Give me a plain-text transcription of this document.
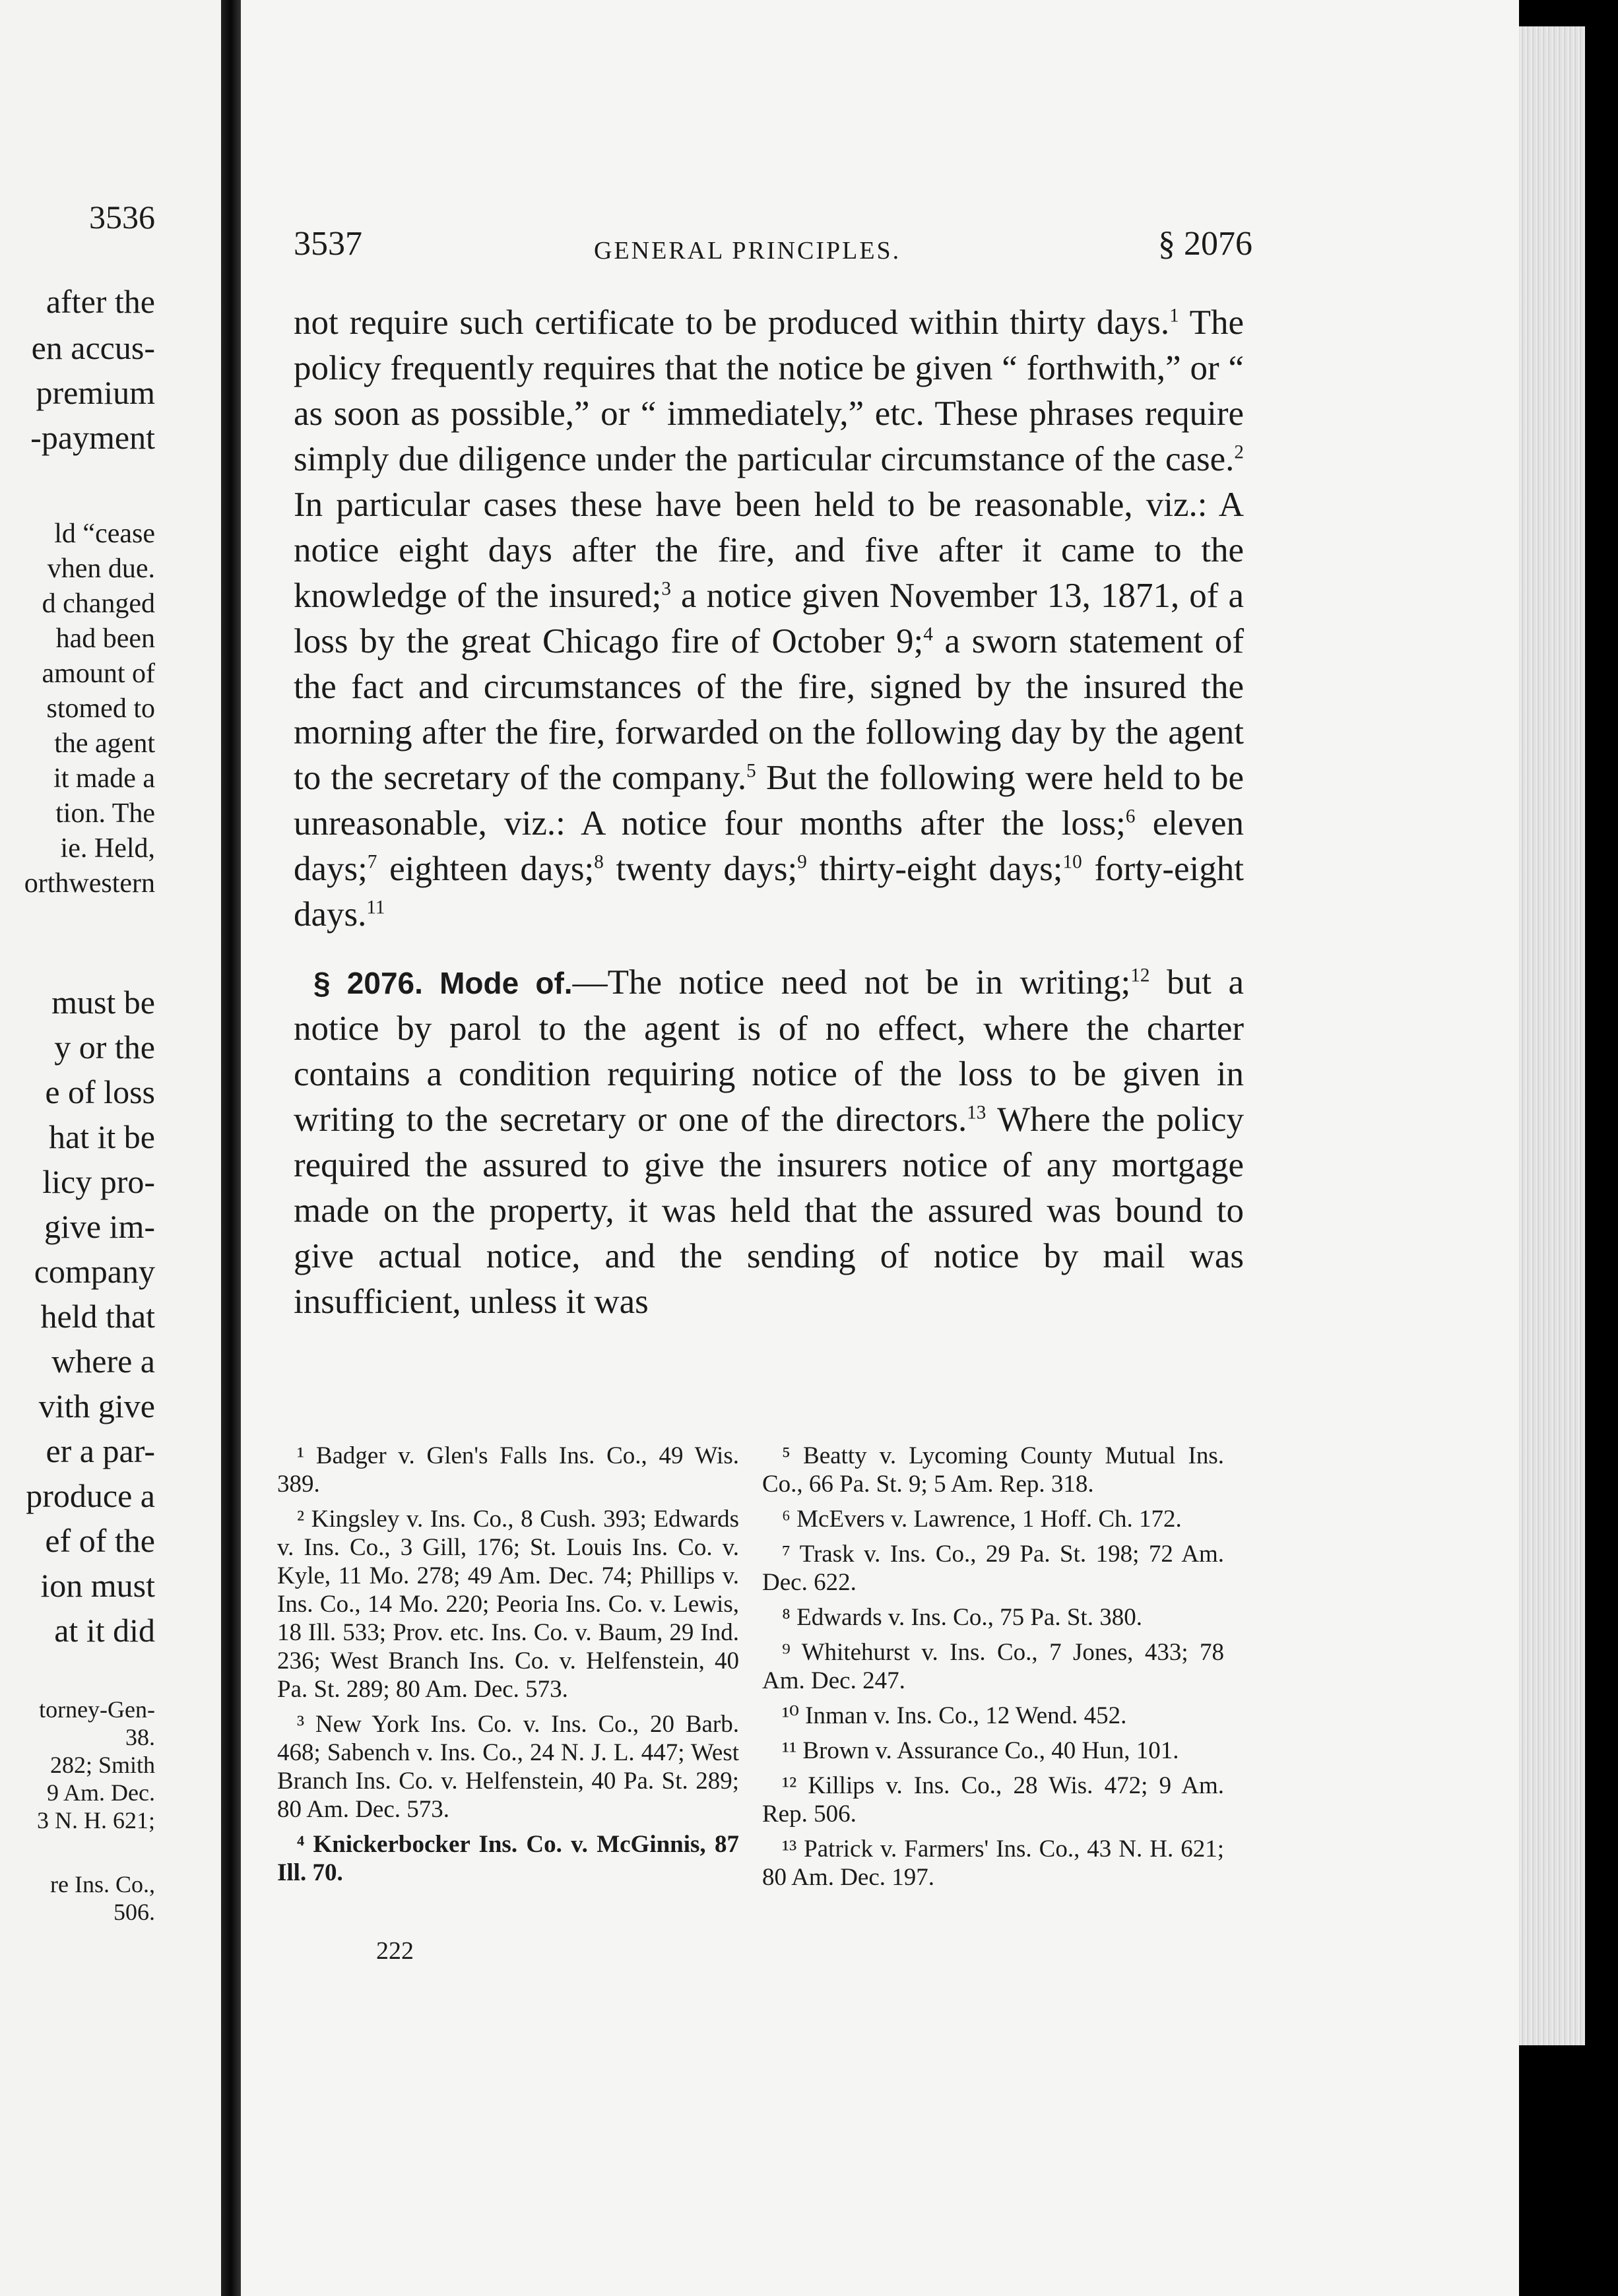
3536
after the
en accus-
premium
-payment
ld “cease
vhen due.
d changed
had been
amount of
stomed to
the agent
it made a
tion. The
ie. Held,
orthwestern
must be
y or the
e of loss
hat it be
licy pro-
give im-
company
held that
where a
vith give
er a par-
produce a
ef of the
ion must
at it did
torney-Gen-
38.
282; Smith
9 Am. Dec.
3 N. H. 621;
re Ins. Co.,
506.
3537	GENERAL PRINCIPLES.	§ 2076

not require such certificate to be produced within thirty days.$^1$ The policy frequently requires that the notice be given “ forthwith,” or “ as soon as possible,” or “ immediately,” etc. These phrases require simply due diligence under the particular circumstance of the case.$^2$ In particular cases these have been held to be reasonable, viz.: A notice eight days after the fire, and five after it came to the knowledge of the insured;$^3$ a notice given November 13, 1871, of a loss by the great Chicago fire of October 9;$^4$ a sworn statement of the fact and circumstances of the fire, signed by the insured the morning after the fire, forwarded on the following day by the agent to the secretary of the company.$^5$ But the following were held to be unreasonable, viz.: A notice four months after the loss;$^6$ eleven days;$^7$ eighteen days;$^8$ twenty days;$^9$ thirty-eight days;$^{10}$ forty-eight days.$^{11}$

§ 2076. Mode of.—The notice need not be in writing;$^{12}$ but a notice by parol to the agent is of no effect, where the charter contains a condition requiring notice of the loss to be given in writing to the secretary or one of the directors.$^{13}$ Where the policy required the assured to give the insurers notice of any mortgage made on the property, it was held that the assured was bound to give actual notice, and the sending of notice by mail was insufficient, unless it was

¹ Badger v. Glen's Falls Ins. Co., 49 Wis. 389.

² Kingsley v. Ins. Co., 8 Cush. 393; Edwards v. Ins. Co., 3 Gill, 176; St. Louis Ins. Co. v. Kyle, 11 Mo. 278; 49 Am. Dec. 74; Phillips v. Ins. Co., 14 Mo. 220; Peoria Ins. Co. v. Lewis, 18 Ill. 533; Prov. etc. Ins. Co. v. Baum, 29 Ind. 236; West Branch Ins. Co. v. Helfenstein, 40 Pa. St. 289; 80 Am. Dec. 573.

³ New York Ins. Co. v. Ins. Co., 20 Barb. 468; Sabench v. Ins. Co., 24 N. J. L. 447; West Branch Ins. Co. v. Helfenstein, 40 Pa. St. 289; 80 Am. Dec. 573.

⁴ Knickerbocker Ins. Co. v. McGinnis, 87 Ill. 70.

⁵ Beatty v. Lycoming County Mutual Ins. Co., 66 Pa. St. 9; 5 Am. Rep. 318.

⁶ McEvers v. Lawrence, 1 Hoff. Ch. 172.

⁷ Trask v. Ins. Co., 29 Pa. St. 198; 72 Am. Dec. 622.

⁸ Edwards v. Ins. Co., 75 Pa. St. 380.

⁹ Whitehurst v. Ins. Co., 7 Jones, 433; 78 Am. Dec. 247.

¹⁰ Inman v. Ins. Co., 12 Wend. 452.

¹¹ Brown v. Assurance Co., 40 Hun, 101.

¹² Killips v. Ins. Co., 28 Wis. 472; 9 Am. Rep. 506.

¹³ Patrick v. Farmers' Ins. Co., 43 N. H. 621; 80 Am. Dec. 197.

222
